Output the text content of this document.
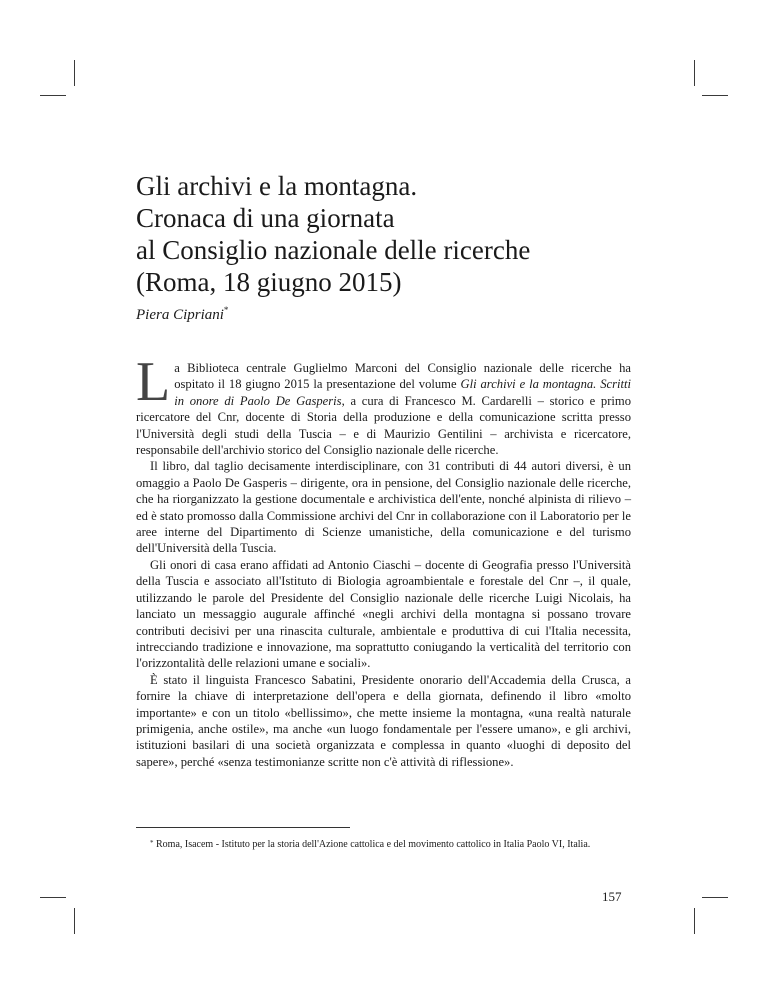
Gli archivi e la montagna.
Cronaca di una giornata
al Consiglio nazionale delle ricerche
(Roma, 18 giugno 2015)
Piera Cipriani*

La Biblioteca centrale Guglielmo Marconi del Consiglio nazionale delle ricerche ha ospitato il 18 giugno 2015 la presentazione del volume Gli archivi e la montagna. Scritti in onore di Paolo De Gasperis, a cura di Francesco M. Cardarelli – storico e primo ricercatore del Cnr, docente di Storia della produzione e della comunicazione scritta presso l'Università degli studi della Tuscia – e di Maurizio Gentilini – archivista e ricercatore, responsabile dell'archivio storico del Consiglio nazionale delle ricerche.

Il libro, dal taglio decisamente interdisciplinare, con 31 contributi di 44 autori diversi, è un omaggio a Paolo De Gasperis – dirigente, ora in pensione, del Consiglio nazionale delle ricerche, che ha riorganizzato la gestione documentale e archivistica dell'ente, nonché alpinista di rilievo – ed è stato promosso dalla Commissione archivi del Cnr in collaborazione con il Laboratorio per le aree interne del Dipartimento di Scienze umanistiche, della comunicazione e del turismo dell'Università della Tuscia.

Gli onori di casa erano affidati ad Antonio Ciaschi – docente di Geografia presso l'Università della Tuscia e associato all'Istituto di Biologia agroambientale e forestale del Cnr –, il quale, utilizzando le parole del Presidente del Consiglio nazionale delle ricerche Luigi Nicolais, ha lanciato un messaggio augurale affinché «negli archivi della montagna si possano trovare contributi decisivi per una rinascita culturale, ambientale e produttiva di cui l'Italia necessita, intrecciando tradizione e innovazione, ma soprattutto coniugando la verticalità del territorio con l'orizzontalità delle relazioni umane e sociali».

È stato il linguista Francesco Sabatini, Presidente onorario dell'Accademia della Crusca, a fornire la chiave di interpretazione dell'opera e della giornata, definendo il libro «molto importante» e con un titolo «bellissimo», che mette insieme la montagna, «una realtà naturale primigenia, anche ostile», ma anche «un luogo fondamentale per l'essere umano», e gli archivi, istituzioni basilari di una società organizzata e complessa in quanto «luoghi di deposito del sapere», perché «senza testimonianze scritte non c'è attività di riflessione».

* Roma, Isacem - Istituto per la storia dell'Azione cattolica e del movimento cattolico in Italia Paolo VI, Italia.
157
